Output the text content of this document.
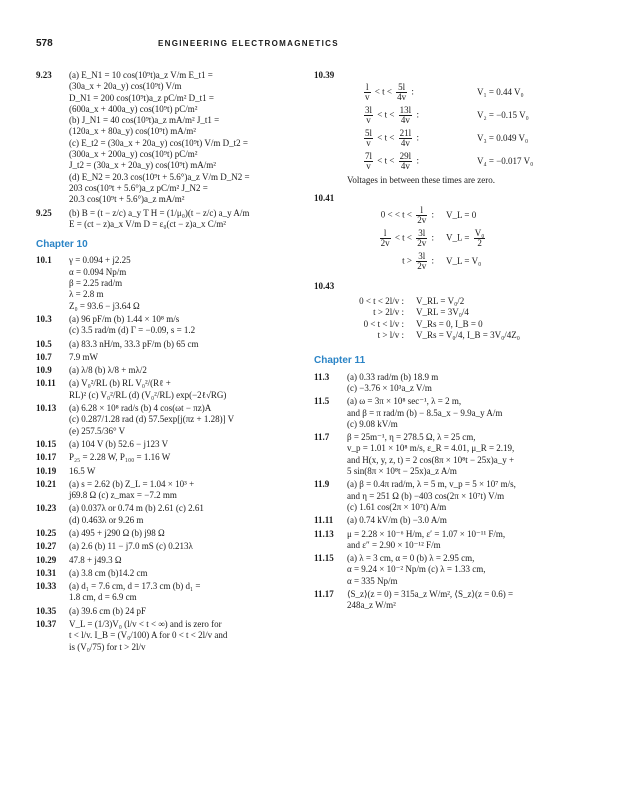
578	ENGINEERING ELECTROMAGNETICS
9.23	(a) E_N1 = 10 cos(10⁹t)a_z V/m E_t1 =
(30a_x + 20a_y) cos(10⁹t) V/m
D_N1 = 200 cos(10⁹t)a_z pC/m² D_t1 =
(600a_x + 400a_y) cos(10⁹t) pC/m²
(b) J_N1 = 40 cos(10⁹t)a_z mA/m² J_t1 =
(120a_x + 80a_y) cos(10⁹t) mA/m²
(c) E_t2 = (30a_x + 20a_y) cos(10⁹t) V/m D_t2 =
(300a_x + 200a_y) cos(10⁹t) pC/m²
J_t2 = (30a_x + 20a_y) cos(10⁹t) mA/m²
(d) E_N2 = 20.3 cos(10⁹t + 5.6°)a_z V/m D_N2 =
203 cos(10⁹t + 5.6°)a_z pC/m² J_N2 =
20.3 cos(10⁹t + 5.6°)a_z mA/m²
9.25	(b) B = (t − z/c) a_y T H = (1/μ₀)(t − z/c) a_y A/m
E = (ct − z)a_x V/m D = ε₀(ct − z)a_x C/m²
Chapter 10
10.1	γ = 0.094 + j2.25
α = 0.094 Np/m
β = 2.25 rad/m
λ = 2.8 m
Z₀ = 93.6 − j3.64 Ω
10.3	(a) 96 pF/m (b) 1.44 × 10⁸ m/s
(c) 3.5 rad/m (d) Γ = −0.09, s = 1.2
10.5	(a) 83.3 nH/m, 33.3 pF/m (b) 65 cm
10.7	7.9 mW
10.9	(a) λ/8 (b) λ/8 + mλ/2
10.11	(a) V₀²/RL (b) RL V₀²/(Rℓ +
RL)² (c) V₀²/RL (d) (V₀²/RL) exp(−2ℓ√RG)
10.13	(a) 6.28 × 10⁸ rad/s (b) 4 cos(ωt − πz)A
(c) 0.287/1.28 rad (d) 57.5exp[j(πz + 1.28)] V
(e) 257.5/36° V
10.15	(a) 104 V (b) 52.6 − j123 V
10.17	P₂₅ = 2.28 W, P₁₀₀ = 1.16 W
10.19	16.5 W
10.21	(a) s = 2.62 (b) Z_L = 1.04 × 10³ +
j69.8 Ω (c) z_max = −7.2 mm
10.23	(a) 0.037λ or 0.74 m (b) 2.61 (c) 2.61
(d) 0.463λ or 9.26 m
10.25	(a) 495 + j290 Ω (b) j98 Ω
10.27	(a) 2.6 (b) 11 − j7.0 mS (c) 0.213λ
10.29	47.8 + j49.3 Ω
10.31	(a) 3.8 cm (b)14.2 cm
10.33	(a) d₁ = 7.6 cm, d = 17.3 cm (b) d₁ =
1.8 cm, d = 6.9 cm
10.35	(a) 39.6 cm (b) 24 pF
10.37	V_L = (1/3)V₀ (l/v < t < ∞) and is zero for
t < l/v. I_B = (V₀/100) A for 0 < t < 2l/v and
is (V₀/75) for t > 2l/v
10.39
$\frac{l}{v} < t < \frac{5l}{4v}$ :	V₁ = 0.44 V₀
$\frac{3l}{v} < t < \frac{13l}{4v}$ :	V₂ = −0.15 V₀
$\frac{5l}{v} < t < \frac{21l}{4v}$ :	V₃ = 0.049 V₀
$\frac{7l}{v} < t < \frac{29l}{4v}$ :	V₄ = −0.017 V₀
Voltages in between these times are zero.
10.41
0 < < $t < \frac{l}{2v}$ :	V_L = 0
$\frac{l}{2v} < t < \frac{3l}{2v}$ :	V_L = $\frac{\text{V₀}}{2}$
$t > \frac{3l}{2v}$ :	V_L = V₀
10.43
0 < t < 2l/v :	V_RL = V₀/2
t > 2l/v :	V_RL = 3V₀/4
0 < t < l/v :	V_Rs = 0, I_B = 0
t > l/v :	V_Rs = V₀/4, I_B = 3V₀/4Z₀
Chapter 11
11.3	(a) 0.33 rad/m (b) 18.9 m
(c) −3.76 × 10³a_z V/m
11.5	(a) ω = 3π × 10⁸ sec⁻¹, λ = 2 m,
and β = π rad/m (b) − 8.5a_x − 9.9a_y A/m
(c) 9.08 kV/m
11.7	β = 25m⁻¹, η = 278.5 Ω, λ = 25 cm,
v_p = 1.01 × 10⁸ m/s, ε_R = 4.01, μ_R = 2.19,
and H(x, y, z, t) = 2 cos(8π × 10⁸t − 25x)a_y +
5 sin(8π × 10⁸t − 25x)a_z A/m
11.9	(a) β = 0.4π rad/m, λ = 5 m, v_p = 5 × 10⁷ m/s,
and η = 251 Ω (b) −403 cos(2π × 10⁷t) V/m
(c) 1.61 cos(2π × 10⁷t) A/m
11.11	(a) 0.74 kV/m (b) −3.0 A/m
11.13	μ = 2.28 × 10⁻⁶ H/m, ε′ = 1.07 × 10⁻¹¹ F/m,
and ε″ = 2.90 × 10⁻¹² F/m
11.15	(a) λ = 3 cm, α = 0 (b) λ = 2.95 cm,
α = 9.24 × 10⁻² Np/m (c) λ = 1.33 cm,
α = 335 Np/m
11.17	⟨S_z⟩(z = 0) = 315a_z W/m², ⟨S_z⟩(z = 0.6) =
248a_z W/m²
